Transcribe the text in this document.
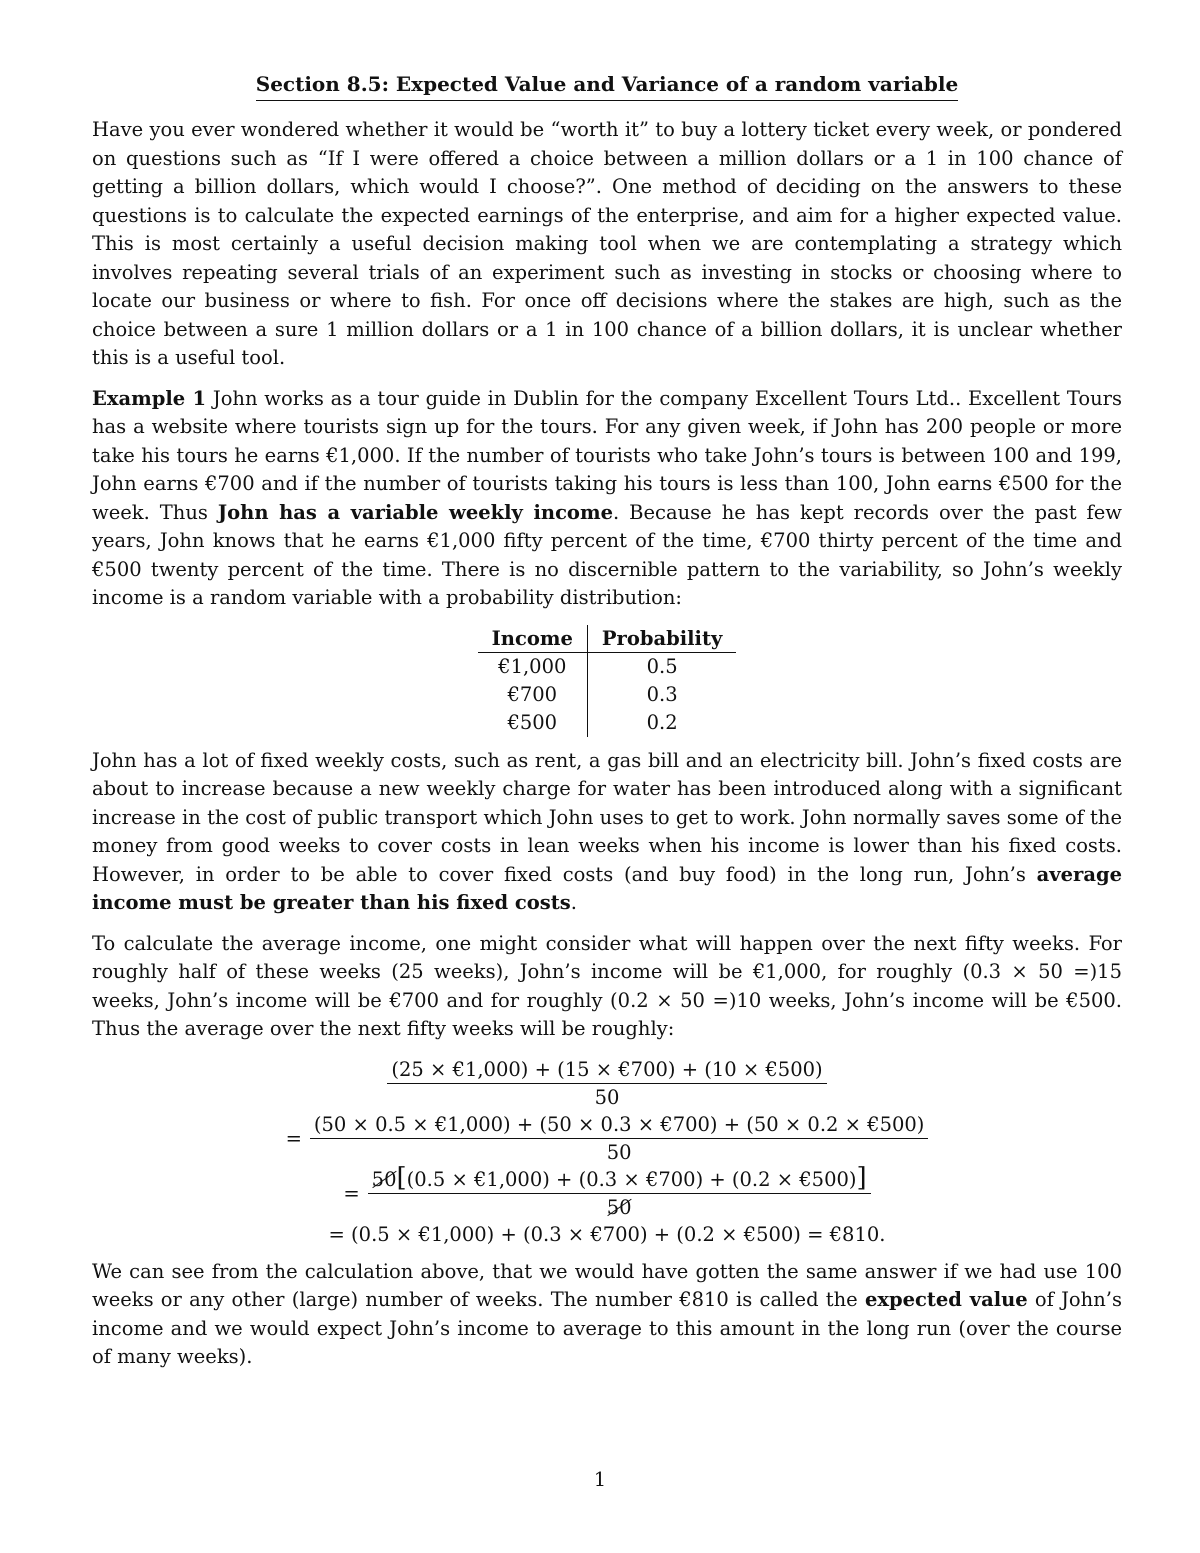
Section 8.5: Expected Value and Variance of a random variable

Have you ever wondered whether it would be “worth it” to buy a lottery ticket every week, or pondered on questions such as “If I were offered a choice between a million dollars or a 1 in 100 chance of getting a billion dollars, which would I choose?”. One method of deciding on the answers to these questions is to calculate the expected earnings of the enterprise, and aim for a higher expected value. This is most certainly a useful decision making tool when we are contemplating a strategy which involves repeating several trials of an experiment such as investing in stocks or choosing where to locate our business or where to fish. For once off decisions where the stakes are high, such as the choice between a sure 1 million dollars or a 1 in 100 chance of a billion dollars, it is unclear whether this is a useful tool.

Example 1 John works as a tour guide in Dublin for the company Excellent Tours Ltd.. Excellent Tours has a website where tourists sign up for the tours. For any given week, if John has 200 people or more take his tours he earns €1,000. If the number of tourists who take John’s tours is between 100 and 199, John earns €700 and if the number of tourists taking his tours is less than 100, John earns €500 for the week. Thus John has a variable weekly income. Because he has kept records over the past few years, John knows that he earns €1,000 fifty percent of the time, €700 thirty percent of the time and €500 twenty percent of the time. There is no discernible pattern to the variability, so John’s weekly income is a random variable with a probability distribution:

Income	Probability
€1,000	0.5
€700	0.3
€500	0.2

John has a lot of fixed weekly costs, such as rent, a gas bill and an electricity bill. John’s fixed costs are about to increase because a new weekly charge for water has been introduced along with a significant increase in the cost of public transport which John uses to get to work. John normally saves some of the money from good weeks to cover costs in lean weeks when his income is lower than his fixed costs. However, in order to be able to cover fixed costs (and buy food) in the long run, John’s average income must be greater than his fixed costs.

To calculate the average income, one might consider what will happen over the next fifty weeks. For roughly half of these weeks (25 weeks), John’s income will be €1,000, for roughly (0.3 × 50 =)15 weeks, John’s income will be €700 and for roughly (0.2 × 50 =)10 weeks, John’s income will be €500. Thus the average over the next fifty weeks will be roughly:

$\frac{(25 \times €1,000) + (15 \times €700) + (10 \times €500)}{50}$
= $\frac{(50 \times 0.5 \times €1,000) + (50 \times 0.3 \times €700) + (50 \times 0.2 \times €500)}{50}$
= $\frac{50[(0.5 \times €1,000) + (0.3 \times €700) + (0.2 \times €500)]}{50}$
= (0.5 × €1,000) + (0.3 × €700) + (0.2 × €500) = €810.

We can see from the calculation above, that we would have gotten the same answer if we had use 100 weeks or any other (large) number of weeks. The number €810 is called the expected value of John’s income and we would expect John’s income to average to this amount in the long run (over the course of many weeks).

1
